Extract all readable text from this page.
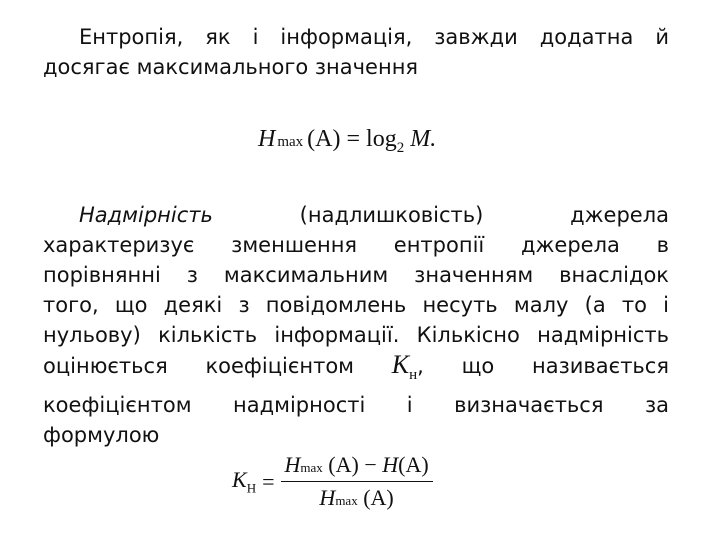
Ентропія, як і інформація, завжди додатна й
досягає максимального значення
Hmax $(A) = \log_2 M$.
Надмірність	(надлишковість) джерела
характеризує зменшення ентропії джерела в
порівнянні з максимальним значенням внаслідок
того, що деякі з повідомлень несуть малу (а то і
нульову) кількість інформації. Кількісно надмірність
оцінюється коефіцієнтом $K_н$, що називається
коефіцієнтом надмірності і визначається за
формулою
$K_Н = \frac{Hmax (A) - H(A)}{Hmax (A)}$
